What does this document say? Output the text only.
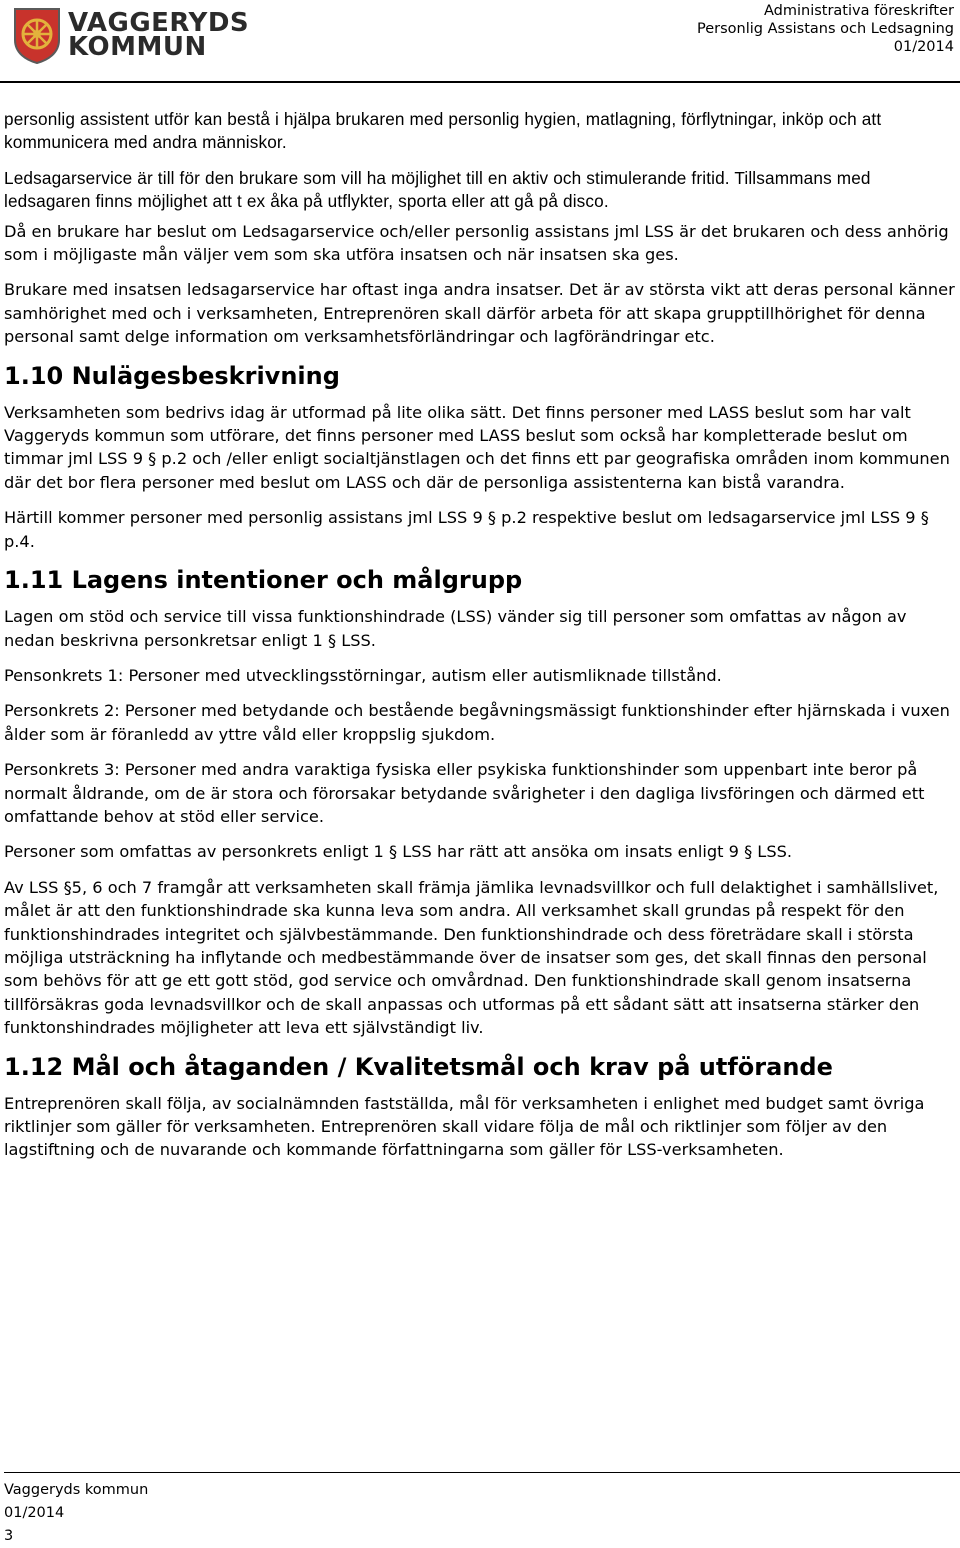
VAGGERYDS
KOMMUN
Administrativa föreskrifter
Personlig Assistans och Ledsagning
01/2014

personlig assistent utför kan bestå i hjälpa brukaren med personlig hygien, matlagning, förflytningar, inköp och att kommunicera med andra människor.

Ledsagarservice är till för den brukare som vill ha möjlighet till en aktiv och stimulerande fritid. Tillsammans med ledsagaren finns möjlighet att t ex åka på utflykter, sporta eller att gå på disco.

Då en brukare har beslut om Ledsagarservice och/eller personlig assistans jml LSS är det brukaren och dess anhörig som i möjligaste mån väljer vem som ska utföra insatsen och när insatsen ska ges.

Brukare med insatsen ledsagarservice har oftast inga andra insatser. Det är av största vikt att deras personal känner samhörighet med och i verksamheten, Entreprenören skall därför arbeta för att skapa grupptillhörighet för denna personal samt delge information om verksamhetsförländringar och lagförändringar etc.

1.10 Nulägesbeskrivning

Verksamheten som bedrivs idag är utformad på lite olika sätt. Det finns personer med LASS beslut som har valt Vaggeryds kommun som utförare, det finns personer med LASS beslut som också har kompletterade beslut om timmar jml LSS 9 § p.2 och /eller enligt socialtjänstlagen och det finns ett par geografiska områden inom kommunen där det bor flera personer med beslut om LASS och där de personliga assistenterna kan bistå varandra.

Härtill kommer personer med personlig assistans jml LSS 9 § p.2 respektive beslut om ledsagarservice jml LSS 9 § p.4.

1.11 Lagens intentioner och målgrupp

Lagen om stöd och service till vissa funktionshindrade (LSS) vänder sig till personer som omfattas av någon av nedan beskrivna personkretsar enligt 1 § LSS.

Pensonkrets 1: Personer med utvecklingsstörningar, autism eller autismliknade tillstånd.

Personkrets 2: Personer med betydande och bestående begåvningsmässigt funktionshinder efter hjärnskada i vuxen ålder som är föranledd av yttre våld eller kroppslig sjukdom.

Personkrets 3: Personer med andra varaktiga fysiska eller psykiska funktionshinder som uppenbart inte beror på normalt åldrande, om de är stora och förorsakar betydande svårigheter i den dagliga livsföringen och därmed ett omfattande behov at stöd eller service.

Personer som omfattas av personkrets enligt 1 § LSS har rätt att ansöka om insats enligt 9 § LSS.

Av LSS §5, 6 och 7 framgår att verksamheten skall främja jämlika levnadsvillkor och full delaktighet i samhällslivet, målet är att den funktionshindrade ska kunna leva som andra. All verksamhet skall grundas på respekt för den funktionshindrades integritet och självbestämmande. Den funktionshindrade och dess företrädare skall i största möjliga utsträckning ha inflytande och medbestämmande över de insatser som ges, det skall finnas den personal som behövs för att ge ett gott stöd, god service och omvårdnad. Den funktionshindrade skall genom insatserna tillförsäkras goda levnadsvillkor och de skall anpassas och utformas på ett sådant sätt att insatserna stärker den funktonshindrades möjligheter att leva ett självständigt liv.

1.12 Mål och åtaganden / Kvalitetsmål och krav på utförande

Entreprenören skall följa, av socialnämnden fastställda, mål för verksamheten i enlighet med budget samt övriga riktlinjer som gäller för verksamheten. Entreprenören skall vidare följa de mål och riktlinjer som följer av den lagstiftning och de nuvarande och kommande författningarna som gäller för LSS-verksamheten.

Vaggeryds kommun
01/2014
3
